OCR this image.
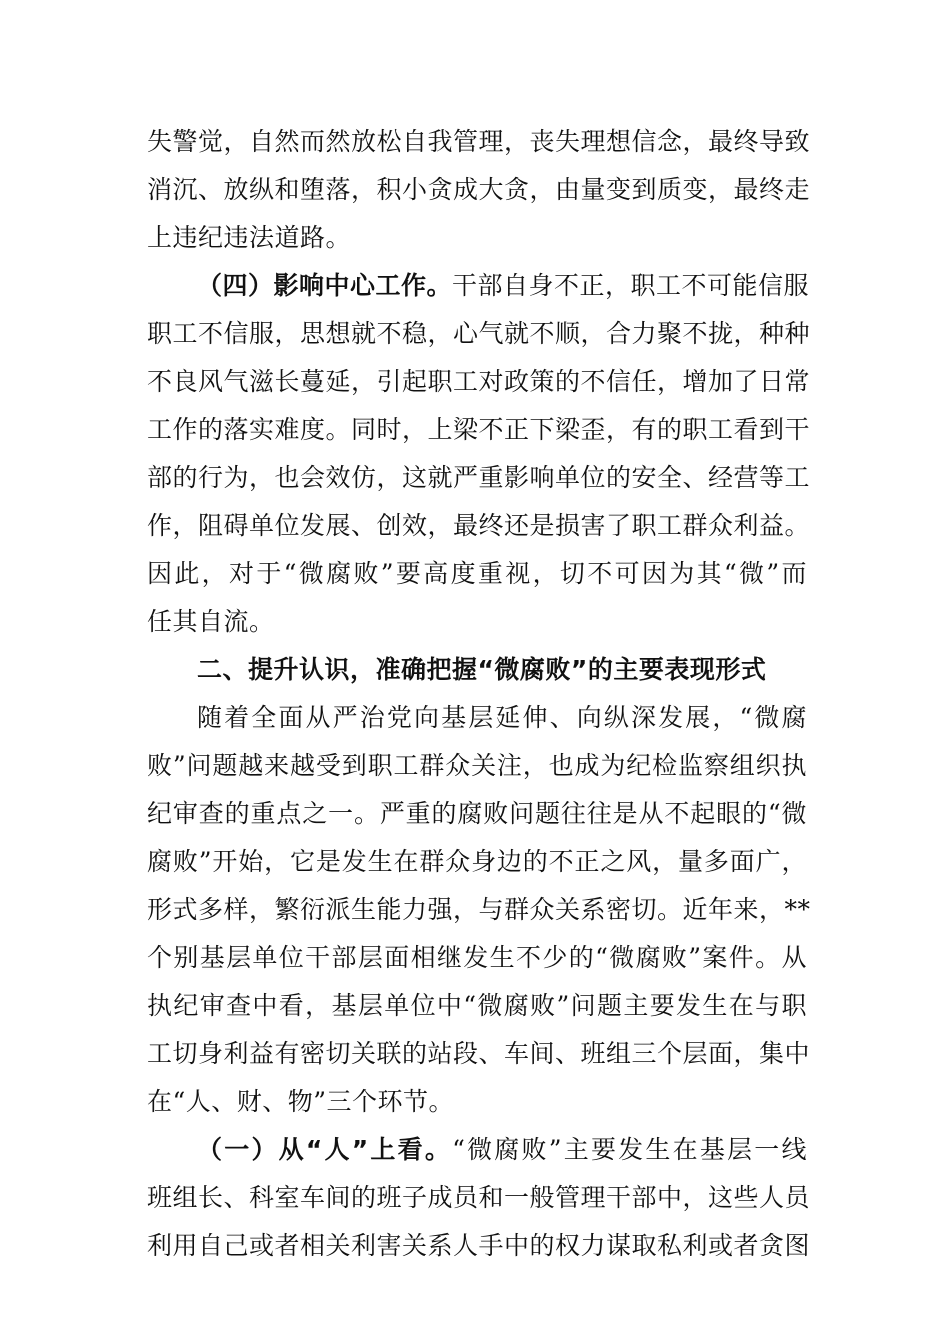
失警觉，自然而然放松自我管理，丧失理想信念，最终导致
消沉、放纵和堕落，积小贪成大贪，由量变到质变，最终走
上违纪违法道路。
（四）影响中心工作。干部自身不正，职工不可能信服
职工不信服，思想就不稳，心气就不顺，合力聚不拢，种种
不良风气滋长蔓延，引起职工对政策的不信任，增加了日常
工作的落实难度。同时，上梁不正下梁歪，有的职工看到干
部的行为，也会效仿，这就严重影响单位的安全、经营等工
作，阻碍单位发展、创效，最终还是损害了职工群众利益。
因此，对于“微腐败”要高度重视，切不可因为其“微”而
任其自流。
二、提升认识，准确把握“微腐败”的主要表现形式
随着全面从严治党向基层延伸、向纵深发展，“微腐
败”问题越来越受到职工群众关注，也成为纪检监察组织执
纪审查的重点之一。严重的腐败问题往往是从不起眼的“微
腐败”开始，它是发生在群众身边的不正之风，量多面广，
形式多样，繁衍派生能力强，与群众关系密切。近年来，**
个别基层单位干部层面相继发生不少的“微腐败”案件。从
执纪审查中看，基层单位中“微腐败”问题主要发生在与职
工切身利益有密切关联的站段、车间、班组三个层面，集中
在“人、财、物”三个环节。
（一）从“人”上看。“微腐败”主要发生在基层一线
班组长、科室车间的班子成员和一般管理干部中，这些人员
利用自己或者相关利害关系人手中的权力谋取私利或者贪图
